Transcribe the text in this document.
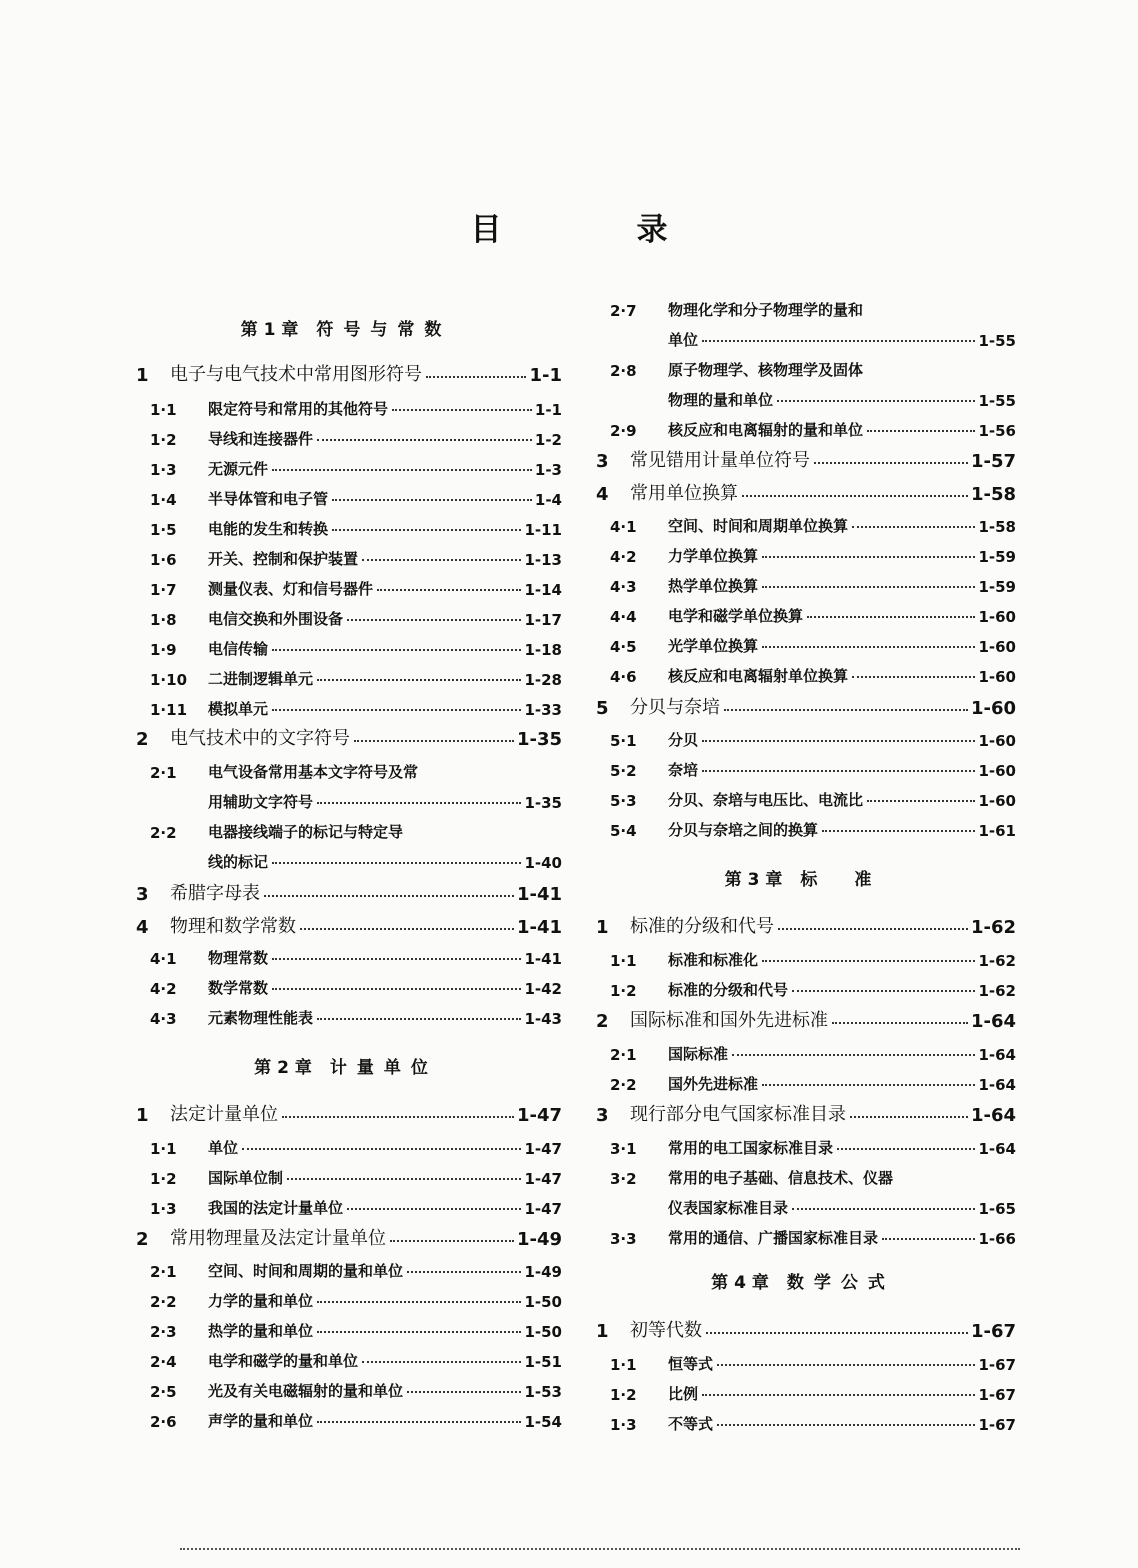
目　录
第 1 章 符号与常数
1	电子与电气技术中常用图形符号	1-1
1·1	限定符号和常用的其他符号	1-1
1·2	导线和连接器件	1-2
1·3	无源元件	1-3
1·4	半导体管和电子管	1-4
1·5	电能的发生和转换	1-11
1·6	开关、控制和保护装置	1-13
1·7	测量仪表、灯和信号器件	1-14
1·8	电信交换和外围设备	1-17
1·9	电信传输	1-18
1·10	二进制逻辑单元	1-28
1·11	模拟单元	1-33
2	电气技术中的文字符号	1-35
2·1	电气设备常用基本文字符号及常
用辅助文字符号	1-35
2·2	电器接线端子的标记与特定导
线的标记	1-40
3	希腊字母表	1-41
4	物理和数学常数	1-41
4·1	物理常数	1-41
4·2	数学常数	1-42
4·3	元素物理性能表	1-43
第 2 章 计量单位
1	法定计量单位	1-47
1·1	单位	1-47
1·2	国际单位制	1-47
1·3	我国的法定计量单位	1-47
2	常用物理量及法定计量单位	1-49
2·1	空间、时间和周期的量和单位	1-49
2·2	力学的量和单位	1-50
2·3	热学的量和单位	1-50
2·4	电学和磁学的量和单位	1-51
2·5	光及有关电磁辐射的量和单位	1-53
2·6	声学的量和单位	1-54
2·7	物理化学和分子物理学的量和
单位	1-55
2·8	原子物理学、核物理学及固体
物理的量和单位	1-55
2·9	核反应和电离辐射的量和单位	1-56
3	常见错用计量单位符号	1-57
4	常用单位换算	1-58
4·1	空间、时间和周期单位换算	1-58
4·2	力学单位换算	1-59
4·3	热学单位换算	1-59
4·4	电学和磁学单位换算	1-60
4·5	光学单位换算	1-60
4·6	核反应和电离辐射单位换算	1-60
5	分贝与奈培	1-60
5·1	分贝	1-60
5·2	奈培	1-60
5·3	分贝、奈培与电压比、电流比	1-60
5·4	分贝与奈培之间的换算	1-61
第 3 章 标　准
1	标准的分级和代号	1-62
1·1	标准和标准化	1-62
1·2	标准的分级和代号	1-62
2	国际标准和国外先进标准	1-64
2·1	国际标准	1-64
2·2	国外先进标准	1-64
3	现行部分电气国家标准目录	1-64
3·1	常用的电工国家标准目录	1-64
3·2	常用的电子基础、信息技术、仪器
仪表国家标准目录	1-65
3·3	常用的通信、广播国家标准目录	1-66
第 4 章 数学公式
1	初等代数	1-67
1·1	恒等式	1-67
1·2	比例	1-67
1·3	不等式	1-67
